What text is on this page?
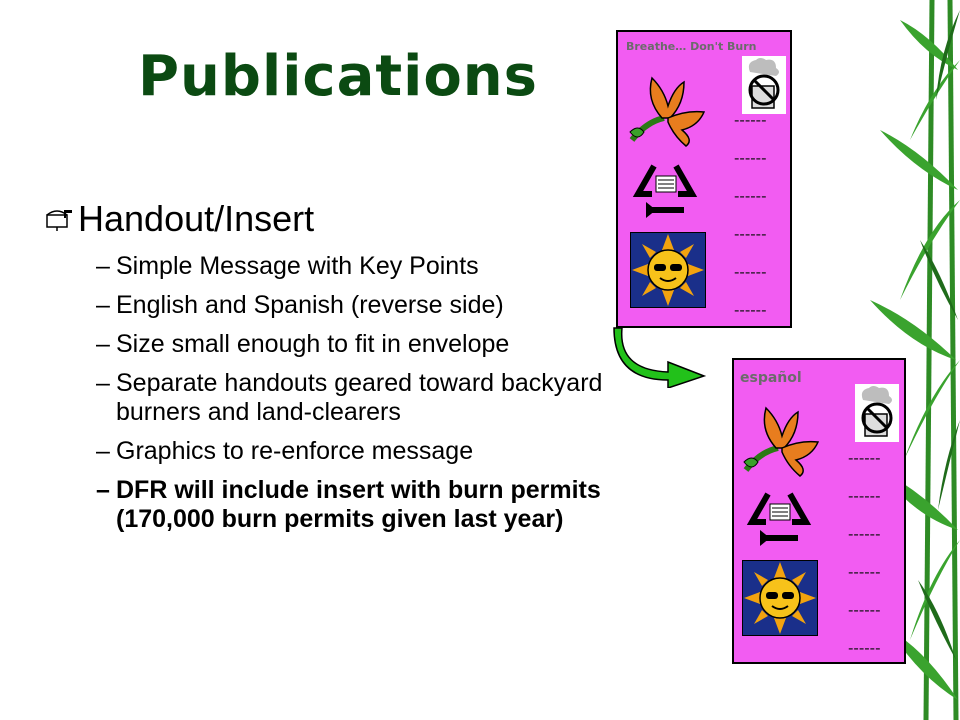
Publications
Handout/Insert
– Simple Message with Key Points
– English and Spanish (reverse side)
– Size small enough to fit in envelope
– Separate handouts geared toward backyard burners and land-clearers
– Graphics to re-enforce message
– DFR will include insert with burn permits (170,000 burn permits given last year)
Breathe… Don't Burn
------
------
------
------
------
------
español
------
------
------
------
------
------
